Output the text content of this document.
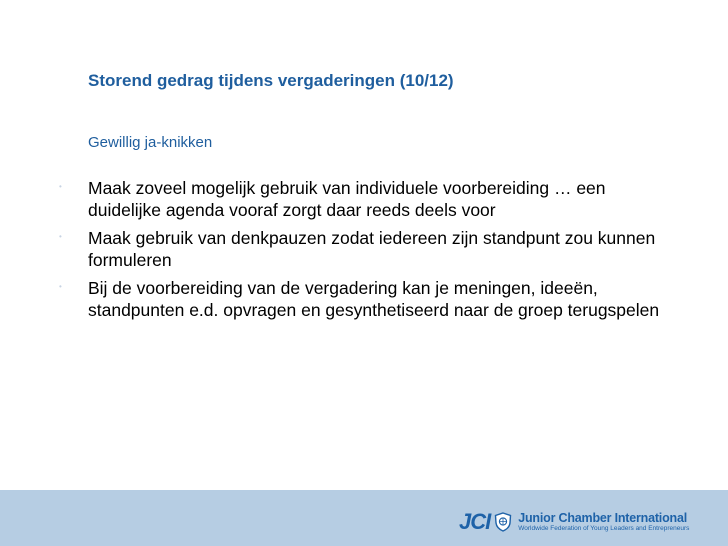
Storend gedrag tijdens vergaderingen (10/12)
Gewillig ja-knikken
• Maak zoveel mogelijk gebruik van individuele voorbereiding … een duidelijke agenda vooraf zorgt daar reeds deels voor
• Maak gebruik van denkpauzen zodat iedereen zijn standpunt zou kunnen formuleren
• Bij de voorbereiding van de vergadering kan je meningen, ideeën, standpunten e.d. opvragen en gesynthetiseerd naar de groep terugspelen
JCI Junior Chamber International
Worldwide Federation of Young Leaders and Entrepreneurs
